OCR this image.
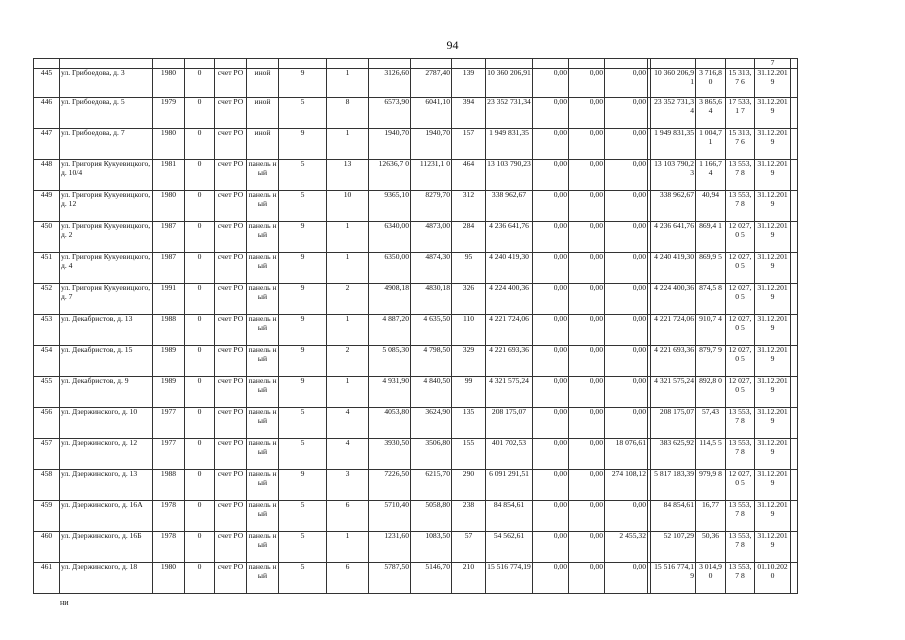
94
																			7	
445	ул. Грибоедова, д. 3	1980	0	счет РО	иной	9	1	3126,60	2787,40	139	10 360 206,91	0,00	0,00	0,00		10 360 206,91	3 716,8 0	15 313,7 6	31.12.201 9	
446	ул. Грибоедова, д. 5	1979	0	счет РО	иной	5	8	6573,90	6041,10	394	23 352 731,34	0,00	0,00	0,00		23 352 731,34	3 865,6 4	17 533,1 7	31.12.201 9	
447	ул. Грибоедова, д. 7	1980	0	счет РО	иной	9	1	1940,70	1940,70	157	1 949 831,35	0,00	0,00	0,00		1 949 831,35	1 004,7 1	15 313,7 6	31.12.201 9	
448	ул. Григория Кукуевицкого, д. 10/4	1981	0	счет РО	панель ный	5	13	12636,7 0	11231,1 0	464	13 103 790,23	0,00	0,00	0,00		13 103 790,23	1 166,7 4	13 553,7 8	31.12.201 9	
449	ул. Григория Кукуевицкого, д. 12	1980	0	счет РО	панель ный	5	10	9365,10	8279,70	312	338 962,67	0,00	0,00	0,00		338 962,67	40,94	13 553,7 8	31.12.201 9	
450	ул. Григория Кукуевицкого, д. 2	1987	0	счет РО	панель ный	9	1	6340,00	4873,00	284	4 236 641,76	0,00	0,00	0,00		4 236 641,76	869,4 1	12 027,0 5	31.12.201 9	
451	ул. Григория Кукуевицкого, д. 4	1987	0	счет РО	панель ный	9	1	6350,00	4874,30	95	4 240 419,30	0,00	0,00	0,00		4 240 419,30	869,9 5	12 027,0 5	31.12.201 9	
452	ул. Григория Кукуевицкого, д. 7	1991	0	счет РО	панель ный	9	2	4908,18	4830,18	326	4 224 400,36	0,00	0,00	0,00		4 224 400,36	874,5 8	12 027,0 5	31.12.201 9	
453	ул. Декабристов, д. 13	1988	0	счет РО	панель ный	9	1	4 887,20	4 635,50	110	4 221 724,06	0,00	0,00	0,00		4 221 724,06	910,7 4	12 027,0 5	31.12.201 9	
454	ул. Декабристов, д. 15	1989	0	счет РО	панель ный	9	2	5 085,30	4 798,50	329	4 221 693,36	0,00	0,00	0,00		4 221 693,36	879,7 9	12 027,0 5	31.12.201 9	
455	ул. Декабристов, д. 9	1989	0	счет РО	панель ный	9	1	4 931,90	4 840,50	99	4 321 575,24	0,00	0,00	0,00		4 321 575,24	892,8 0	12 027,0 5	31.12.201 9	
456	ул. Дзержинского, д. 10	1977	0	счет РО	панель ный	5	4	4053,80	3624,90	135	208 175,07	0,00	0,00	0,00		208 175,07	57,43	13 553,7 8	31.12.201 9	
457	ул. Дзержинского, д. 12	1977	0	счет РО	панель ный	5	4	3930,50	3506,80	155	401 702,53	0,00	0,00	18 076,61		383 625,92	114,5 5	13 553,7 8	31.12.201 9	
458	ул. Дзержинского, д. 13	1988	0	счет РО	панель ный	9	3	7226,50	6215,70	290	6 091 291,51	0,00	0,00	274 108,12		5 817 183,39	979,9 8	12 027,0 5	31.12.201 9	
459	ул. Дзержинского, д. 16А	1978	0	счет РО	панель ный	5	6	5710,40	5058,80	238	84 854,61	0,00	0,00	0,00		84 854,61	16,77	13 553,7 8	31.12.201 9	
460	ул. Дзержинского, д. 16Б	1978	0	счет РО	панель ный	5	1	1231,60	1083,50	57	54 562,61	0,00	0,00	2 455,32		52 107,29	50,36	13 553,7 8	31.12.201 9	
461	ул. Дзержинского, д. 18	1980	0	счет РО	панель ный	5	6	5787,50	5146,70	210	15 516 774,19	0,00	0,00	0,00		15 516 774,19	3 014,9 0	13 553,7 8	01.10.202 0	
ни
